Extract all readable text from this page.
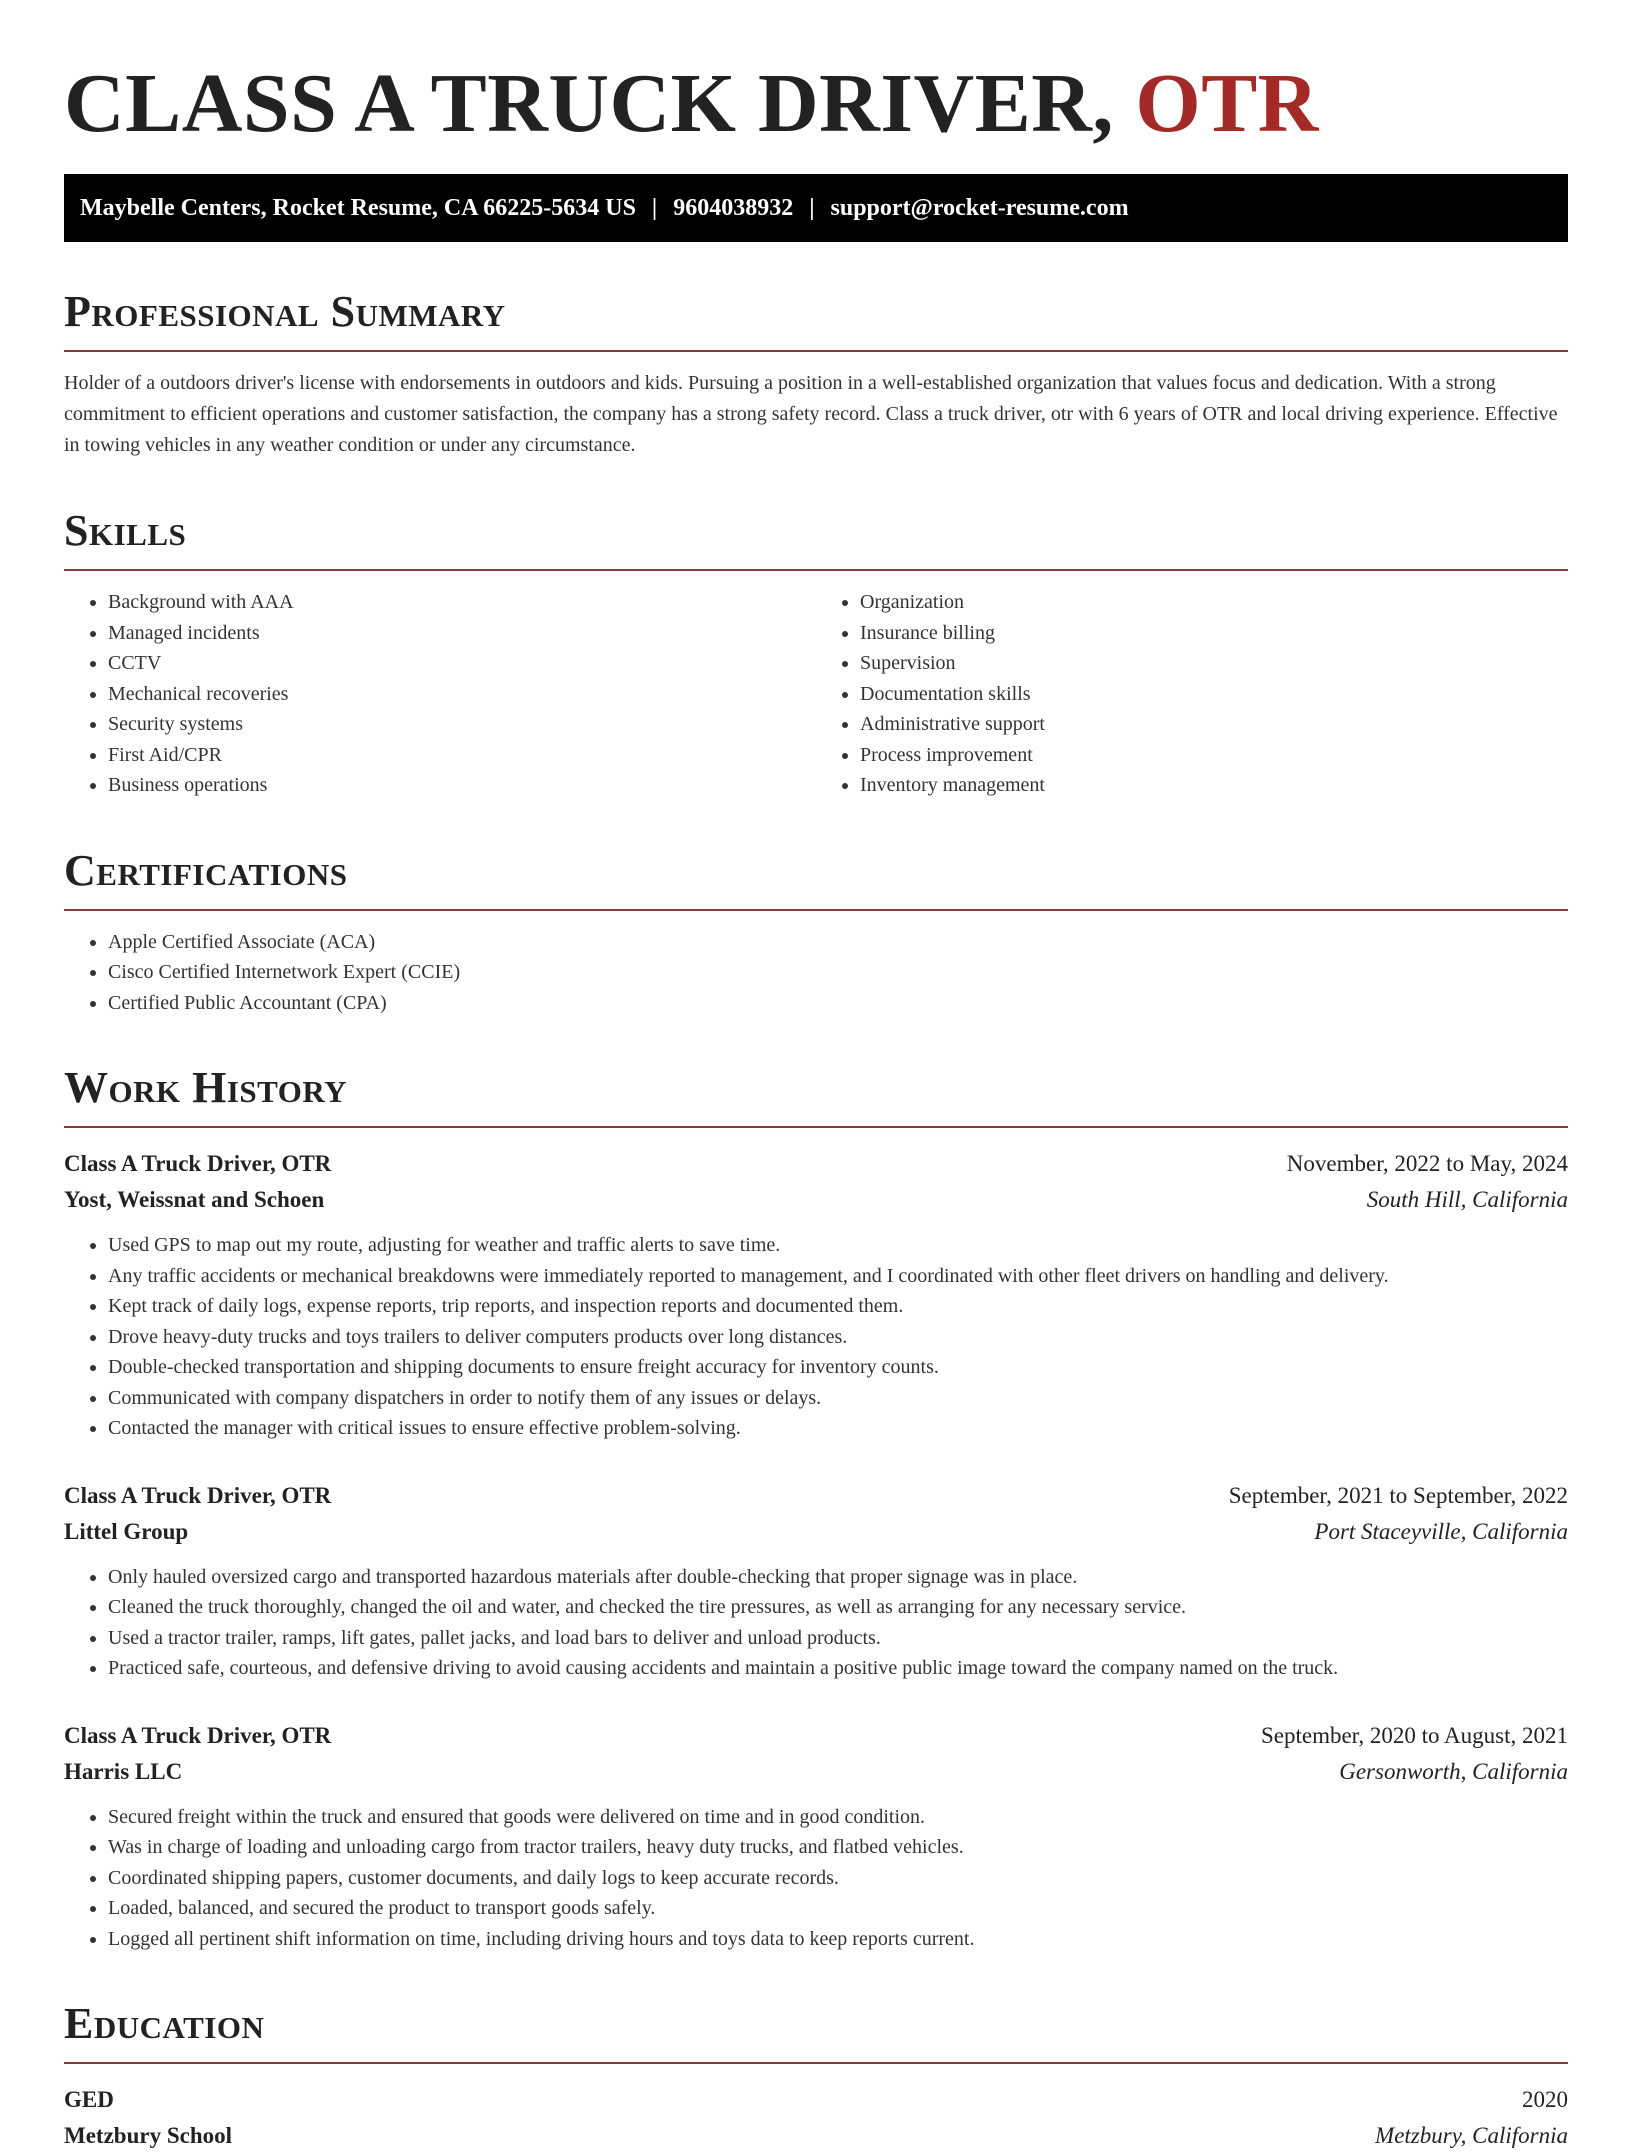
CLASS A TRUCK DRIVER, OTR
Maybelle Centers, Rocket Resume, CA 66225-5634 US | 9604038932 | support@rocket-resume.com
Professional Summary

Holder of a outdoors driver's license with endorsements in outdoors and kids. Pursuing a position in a well-established organization that values focus and dedication. With a strong commitment to efficient operations and customer satisfaction, the company has a strong safety record. Class a truck driver, otr with 6 years of OTR and local driving experience. Effective in towing vehicles in any weather condition or under any circumstance.

Skills
• Background with AAA
• Managed incidents
• CCTV
• Mechanical recoveries
• Security systems
• First Aid/CPR
• Business operations
• Organization
• Insurance billing
• Supervision
• Documentation skills
• Administrative support
• Process improvement
• Inventory management
Certifications
• Apple Certified Associate (ACA)
• Cisco Certified Internetwork Expert (CCIE)
• Certified Public Accountant (CPA)
Work History
Class A Truck Driver, OTR	November, 2022 to May, 2024
Yost, Weissnat and Schoen	South Hill, California
• Used GPS to map out my route, adjusting for weather and traffic alerts to save time.
• Any traffic accidents or mechanical breakdowns were immediately reported to management, and I coordinated with other fleet drivers on handling and delivery.
• Kept track of daily logs, expense reports, trip reports, and inspection reports and documented them.
• Drove heavy-duty trucks and toys trailers to deliver computers products over long distances.
• Double-checked transportation and shipping documents to ensure freight accuracy for inventory counts.
• Communicated with company dispatchers in order to notify them of any issues or delays.
• Contacted the manager with critical issues to ensure effective problem-solving.
Class A Truck Driver, OTR	September, 2021 to September, 2022
Littel Group	Port Staceyville, California
• Only hauled oversized cargo and transported hazardous materials after double-checking that proper signage was in place.
• Cleaned the truck thoroughly, changed the oil and water, and checked the tire pressures, as well as arranging for any necessary service.
• Used a tractor trailer, ramps, lift gates, pallet jacks, and load bars to deliver and unload products.
• Practiced safe, courteous, and defensive driving to avoid causing accidents and maintain a positive public image toward the company named on the truck.
Class A Truck Driver, OTR	September, 2020 to August, 2021
Harris LLC	Gersonworth, California
• Secured freight within the truck and ensured that goods were delivered on time and in good condition.
• Was in charge of loading and unloading cargo from tractor trailers, heavy duty trucks, and flatbed vehicles.
• Coordinated shipping papers, customer documents, and daily logs to keep accurate records.
• Loaded, balanced, and secured the product to transport goods safely.
• Logged all pertinent shift information on time, including driving hours and toys data to keep reports current.
Education
GED	2020
Metzbury School	Metzbury, California
